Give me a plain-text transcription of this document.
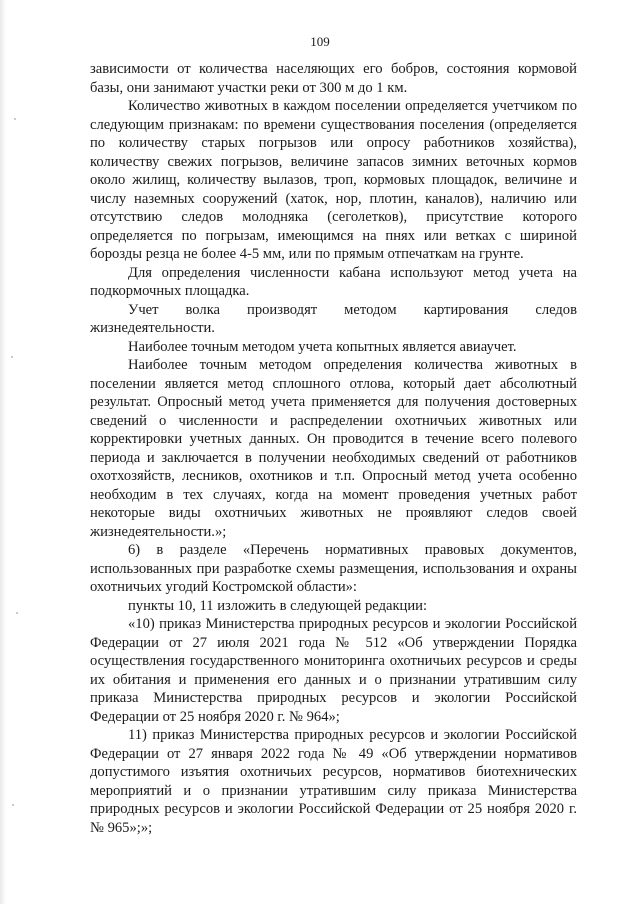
109

зависимости от количества населяющих его бобров, состояния кормовой базы, они занимают участки реки от 300 м до 1 км.

Количество животных в каждом поселении определяется учетчиком по следующим признакам: по времени существования поселения (определяется по количеству старых погрызов или опросу работников хозяйства), количеству свежих погрызов, величине запасов зимних веточных кормов около жилищ, количеству вылазов, троп, кормовых площадок, величине и числу наземных сооружений (хаток, нор, плотин, каналов), наличию или отсутствию следов молодняка (сеголетков), присутствие которого определяется по погрызам, имеющимся на пнях или ветках с шириной борозды резца не более 4-5 мм, или по прямым отпечаткам на грунте.

Для определения численности кабана используют метод учета на подкормочных площадка.

Учет волка производят методом картирования следов жизнедеятельности.

Наиболее точным методом учета копытных является авиаучет.

Наиболее точным методом определения количества животных в поселении является метод сплошного отлова, который дает абсолютный результат. Опросный метод учета применяется для получения достоверных сведений о численности и распределении охотничьих животных или корректировки учетных данных. Он проводится в течение всего полевого периода и заключается в получении необходимых сведений от работников охотхозяйств, лесников, охотников и т.п. Опросный метод учета особенно необходим в тех случаях, когда на момент проведения учетных работ некоторые виды охотничьих животных не проявляют следов своей жизнедеятельности.»;

6) в разделе «Перечень нормативных правовых документов, использованных при разработке схемы размещения, использования и охраны охотничьих угодий Костромской области»:

пункты 10, 11 изложить в следующей редакции:

«10) приказ Министерства природных ресурсов и экологии Российской Федерации от 27 июля 2021 года № 512 «Об утверждении Порядка осуществления государственного мониторинга охотничьих ресурсов и среды их обитания и применения его данных и о признании утратившим силу приказа Министерства природных ресурсов и экологии Российской Федерации от 25 ноября 2020 г. № 964»;

11) приказ Министерства природных ресурсов и экологии Российской Федерации от 27 января 2022 года № 49 «Об утверждении нормативов допустимого изъятия охотничьих ресурсов, нормативов биотехнических мероприятий и о признании утратившим силу приказа Министерства природных ресурсов и экологии Российской Федерации от 25 ноября 2020 г. № 965»;»;
